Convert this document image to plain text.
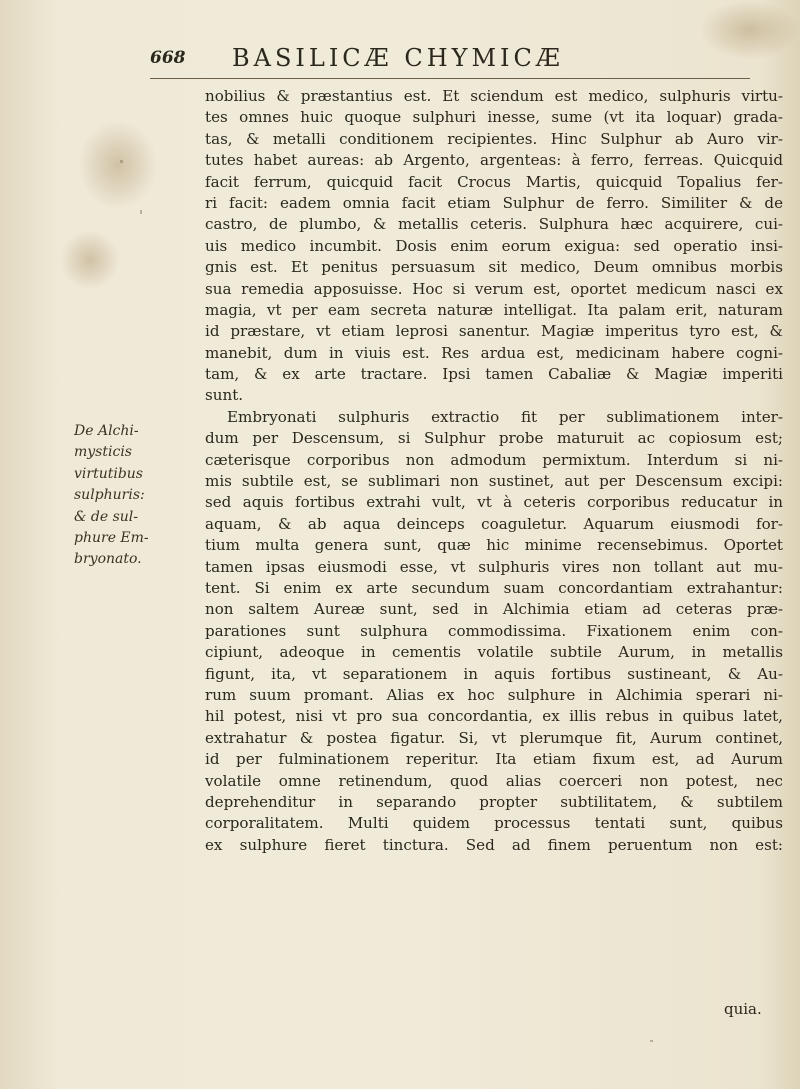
668 BASILICÆ CHYMICÆ
De Alchi-
mysticis
virtutibus
sulphuris:
& de sul-
phure Em-
bryonato.
nobilius & præstantius est. Et sciendum est medico, sulphuris virtu-
tes omnes huic quoque sulphuri inesse, sume (vt ita loquar) grada-
tas, & metalli conditionem recipientes. Hinc Sulphur ab Auro vir-
tutes habet aureas: ab Argento, argenteas: à ferro, ferreas. Quicquid
facit ferrum, quicquid facit Crocus Martis, quicquid Topalius fer-
ri facit: eadem omnia facit etiam Sulphur de ferro. Similiter & de
castro, de plumbo, & metallis ceteris. Sulphura hæc acquirere, cui-
uis medico incumbit. Dosis enim eorum exigua: sed operatio insi-
gnis est. Et penitus persuasum sit medico, Deum omnibus morbis
sua remedia apposuisse. Hoc si verum est, oportet medicum nasci ex
magia, vt per eam secreta naturæ intelligat. Ita palam erit, naturam
id præstare, vt etiam leprosi sanentur. Magiæ imperitus tyro est, &
manebit, dum in viuis est. Res ardua est, medicinam habere cogni-
tam, & ex arte tractare. Ipsi tamen Cabaliæ & Magiæ imperiti
sunt.
Embryonati sulphuris extractio fit per sublimationem inter-
dum per Descensum, si Sulphur probe maturuit ac copiosum est;
cæterisque corporibus non admodum permixtum. Interdum si ni-
mis subtile est, se sublimari non sustinet, aut per Descensum excipi:
sed aquis fortibus extrahi vult, vt à ceteris corporibus reducatur in
aquam, & ab aqua deinceps coaguletur. Aquarum eiusmodi for-
tium multa genera sunt, quæ hic minime recensebimus. Oportet
tamen ipsas eiusmodi esse, vt sulphuris vires non tollant aut mu-
tent. Si enim ex arte secundum suam concordantiam extrahantur:
non saltem Aureæ sunt, sed in Alchimia etiam ad ceteras præ-
parationes sunt sulphura commodissima. Fixationem enim con-
cipiunt, adeoque in cementis volatile subtile Aurum, in metallis
figunt, ita, vt separationem in aquis fortibus sustineant, & Au-
rum suum promant. Alias ex hoc sulphure in Alchimia sperari ni-
hil potest, nisi vt pro sua concordantia, ex illis rebus in quibus latet,
extrahatur & postea figatur. Si, vt plerumque fit, Aurum continet,
id per fulminationem reperitur. Ita etiam fixum est, ad Aurum
volatile omne retinendum, quod alias coerceri non potest, nec
deprehenditur in separando propter subtilitatem, & subtilem
corporalitatem. Multi quidem processus tentati sunt, quibus
ex sulphure fieret tinctura. Sed ad finem peruentum non est:
quia.
